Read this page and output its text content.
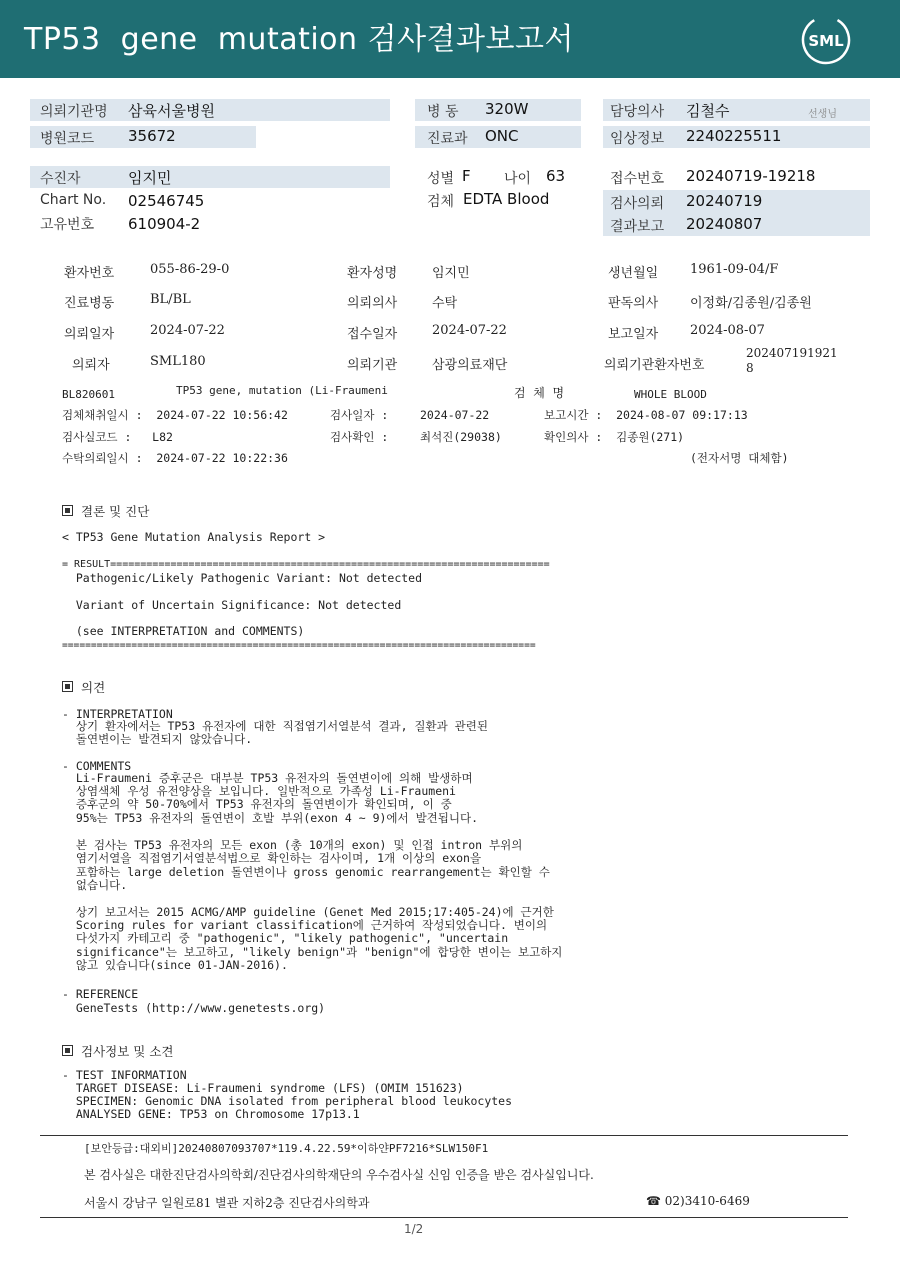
TP53  gene  mutation 검사결과보고서	SML
의뢰기관명 삼육서울병원
병원코드 35672
병 동 320W
진료과 ONC
담당의사 김철수	선생님
임상정보 2240225511
수진자	임지민
Chart No. 02546745
고유번호 610904-2
성별 F 나이 63
검체 EDTA Blood
접수번호 20240719-19218
검사의뢰 20240719
결과보고 20240807
환자번호	055-86-29-0	환자성명	임지민	생년월일 1961-09-04/F
진료병동	BL/BL	의뢰의사	수탁	판독의사 이정화/김종원/김종원
의뢰일자	2024-07-22	접수일자	2024-07-22	보고일자 2024-08-07
의뢰자	SML180	의뢰기관	삼광의료재단	의뢰기관환자번호
202407191921
8
BL820601	TP53 gene, mutation (Li-Fraumeni	검  체  명	WHOLE BLOOD
검체채취일시 :  2024-07-22 10:56:42	검사일자 :	2024-07-22	보고시간 :  2024-08-07 09:17:13
검사실코드 :   L82	검사확인 :	최석진(29038)	확인의사 :  김종원(271)
수탁의뢰일시 :  2024-07-22 10:22:36	(전자서명 대체함)
결론 및 진단
< TP53 Gene Mutation Analysis Report >
= RESULT=========================================================================
Pathogenic/Likely Pathogenic Variant: Not detected
Variant of Uncertain Significance: Not detected
(see INTERPRETATION and COMMENTS)
==================================================================================
의견
- INTERPRETATION
상기 환자에서는 TP53 유전자에 대한 직접염기서열분석 결과, 질환과 관련된
돌연변이는 발견되지 않았습니다.
- COMMENTS
Li-Fraumeni 증후군은 대부분 TP53 유전자의 돌연변이에 의해 발생하며
상염색체 우성 유전양상을 보입니다. 일반적으로 가족성 Li-Fraumeni
증후군의 약 50-70%에서 TP53 유전자의 돌연변이가 확인되며, 이 중
95%는 TP53 유전자의 돌연변이 호발 부위(exon 4 ~ 9)에서 발견됩니다.
본 검사는 TP53 유전자의 모든 exon (총 10개의 exon) 및 인접 intron 부위의
염기서열을 직접염기서열분석법으로 확인하는 검사이며, 1개 이상의 exon을
포함하는 large deletion 돌연변이나 gross genomic rearrangement는 확인할 수
없습니다.
상기 보고서는 2015 ACMG/AMP guideline (Genet Med 2015;17:405-24)에 근거한
Scoring rules for variant classification에 근거하여 작성되었습니다. 변이의
다섯가지 카테고리 중 "pathogenic", "likely pathogenic", "uncertain
significance"는 보고하고, "likely benign"과 "benign"에 합당한 변이는 보고하지
않고 있습니다(since 01-JAN-2016).
- REFERENCE
GeneTests (http://www.genetests.org)
검사정보 및 소견
- TEST INFORMATION
TARGET DISEASE: Li-Fraumeni syndrome (LFS) (OMIM 151623)
SPECIMEN: Genomic DNA isolated from peripheral blood leukocytes
ANALYSED GENE: TP53 on Chromosome 17p13.1
[보안등급:대외비]20240807093707*119.4.22.59*이하얀PF7216*SLW150F1
본 검사실은 대한진단검사의학회/진단검사의학재단의 우수검사실 신임 인증을 받은 검사실입니다.
서울시 강남구 일원로81 별관 지하2층 진단검사의학과	☎ 02)3410-6469
1/2
